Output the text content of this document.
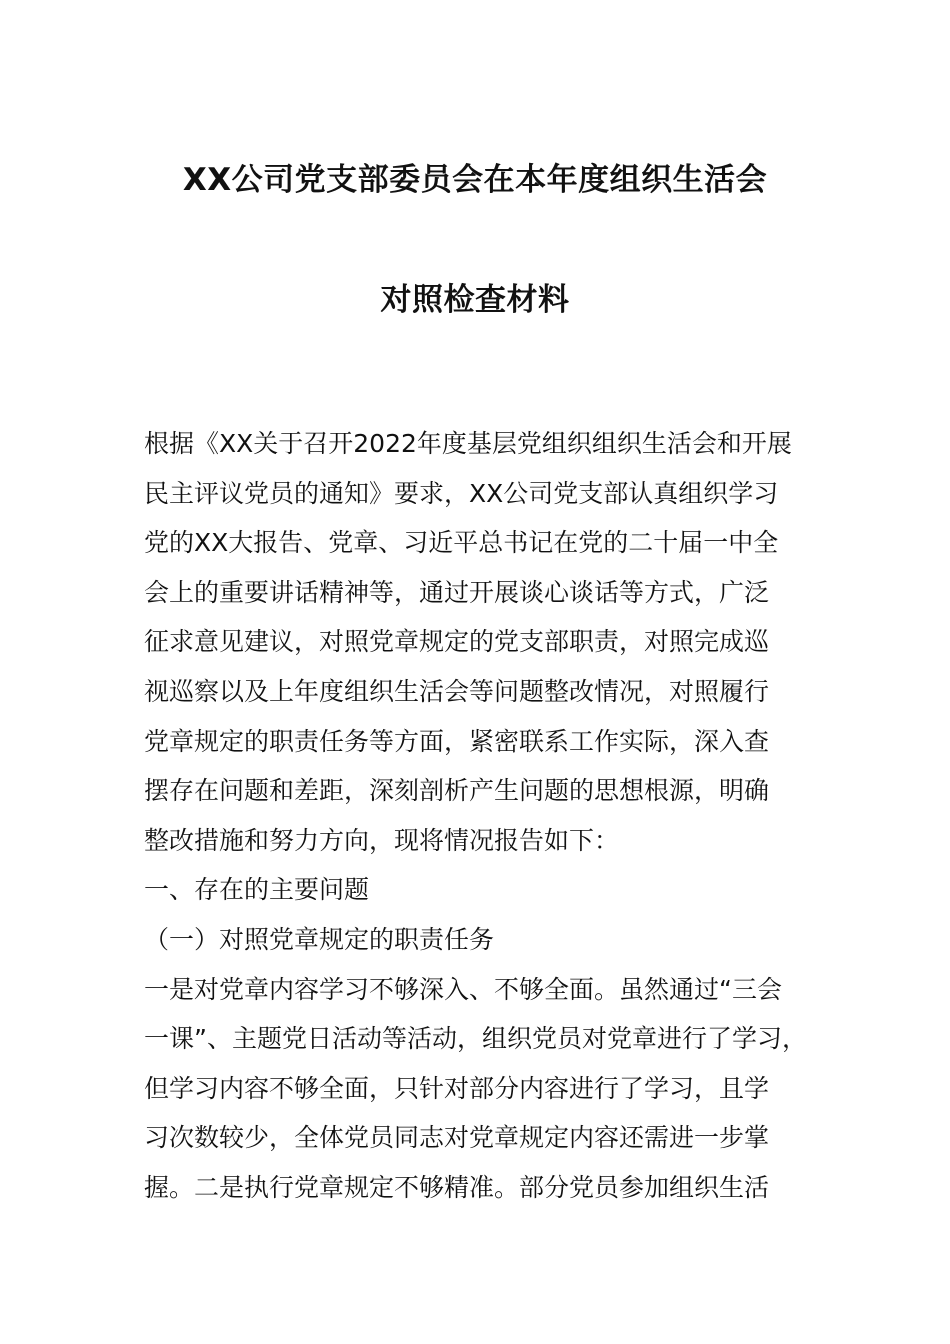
XX公司党支部委员会在本年度组织生活会
对照检查材料
根据《XX关于召开2022年度基层党组织组织生活会和开展
民主评议党员的通知》要求，XX公司党支部认真组织学习
党的XX大报告、党章、习近平总书记在党的二十届一中全
会上的重要讲话精神等，通过开展谈心谈话等方式，广泛
征求意见建议，对照党章规定的党支部职责，对照完成巡
视巡察以及上年度组织生活会等问题整改情况，对照履行
党章规定的职责任务等方面，紧密联系工作实际，深入查
摆存在问题和差距，深刻剖析产生问题的思想根源，明确
整改措施和努力方向，现将情况报告如下：
一、存在的主要问题
（一）对照党章规定的职责任务
一是对党章内容学习不够深入、不够全面。虽然通过“三会
一课”、主题党日活动等活动，组织党员对党章进行了学习，
但学习内容不够全面，只针对部分内容进行了学习，且学
习次数较少，全体党员同志对党章规定内容还需进一步掌
握。二是执行党章规定不够精准。部分党员参加组织生活
